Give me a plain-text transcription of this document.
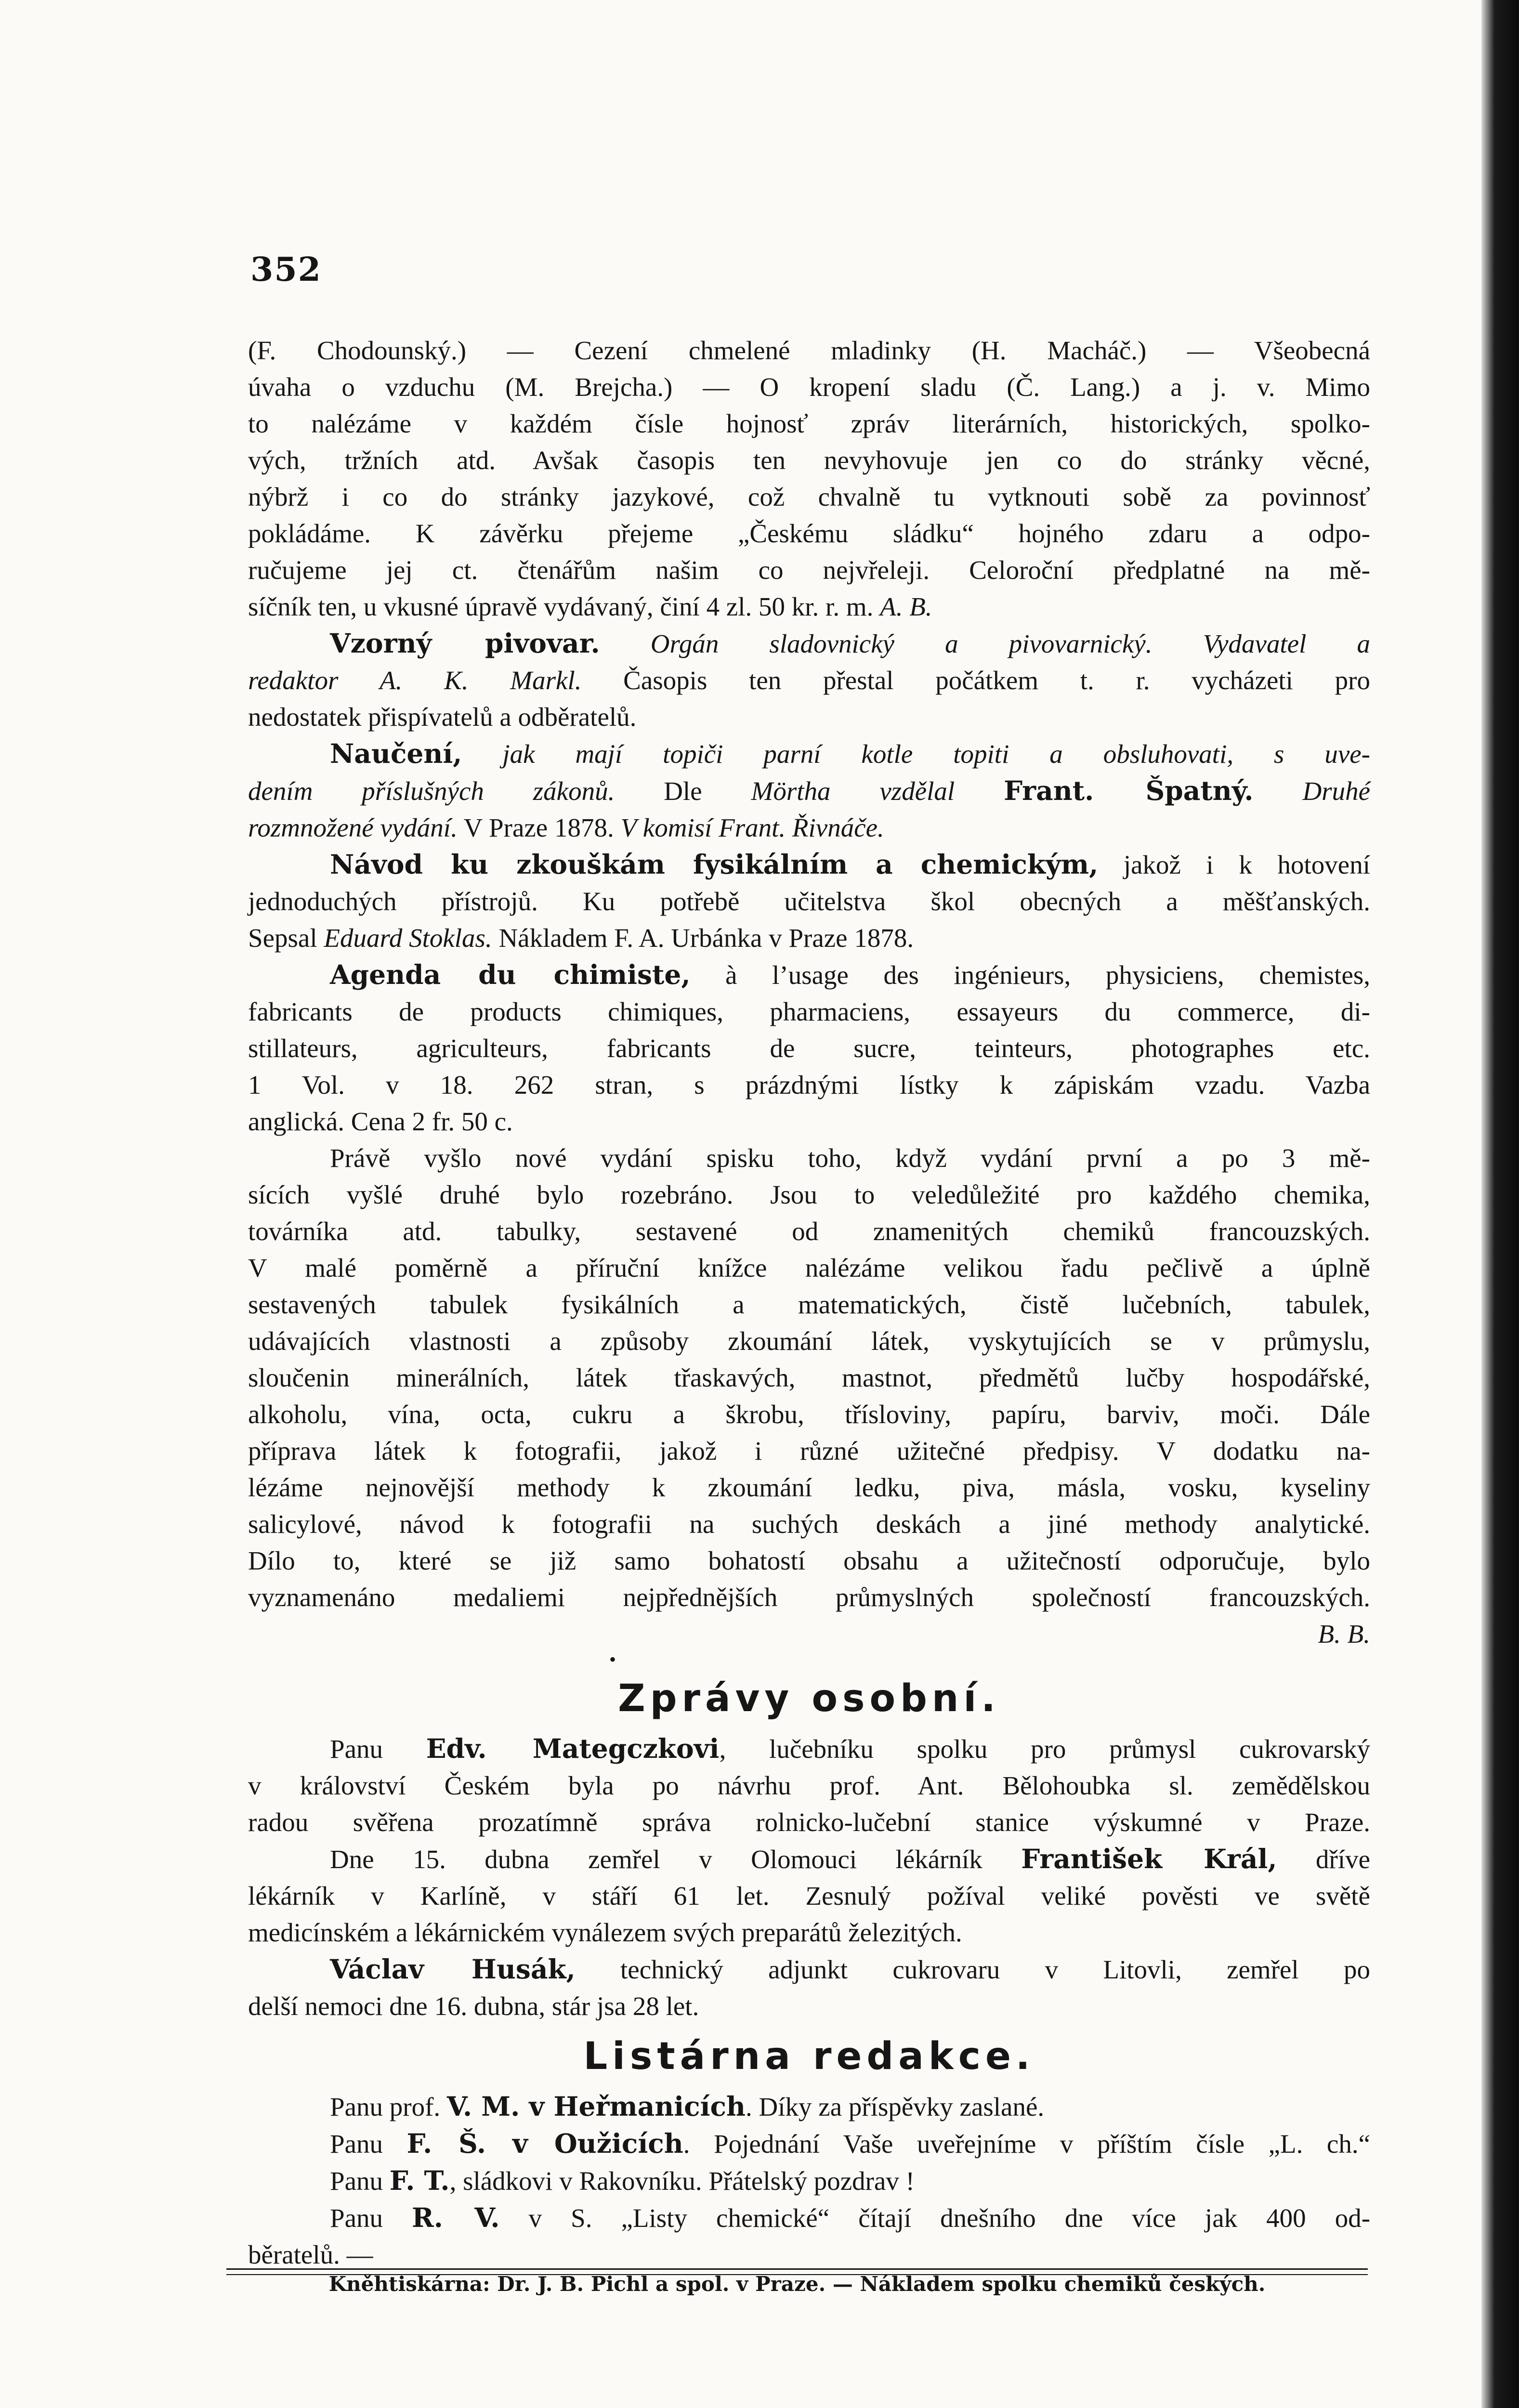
352
(F. Chodounský.) — Cezení chmelené mladinky (H. Macháč.) — Všeobecná
úvaha o vzduchu (M. Brejcha.) — O kropení sladu (Č. Lang.) a j. v. Mimo
to nalézáme v každém čísle hojnosť zpráv literárních, historických, spolko-
vých, tržních atd. Avšak časopis ten nevyhovuje jen co do stránky věcné,
nýbrž i co do stránky jazykové, což chvalně tu vytknouti sobě za povinnosť
pokládáme. K závěrku přejeme „Českému sládku“ hojného zdaru a odpo-
ručujeme jej ct. čtenářům našim co nejvřeleji. Celoroční předplatné na mě-
síčník ten, u vkusné úpravě vydávaný, činí 4 zl. 50 kr. r. m. A. B.
Vzorný pivovar. Orgán sladovnický a pivovarnický. Vydavatel a
redaktor A. K. Markl. Časopis ten přestal počátkem t. r. vycházeti pro
nedostatek přispívatelů a odběratelů.
Naučení, jak mají topiči parní kotle topiti a obsluhovati, s uve-
dením příslušných zákonů. Dle Mörtha vzdělal Frant. Špatný. Druhé
rozmnožené vydání. V Praze 1878. V komisí Frant. Řivnáče.
Návod ku zkouškám fysikálním a chemickým, jakož i k hotovení
jednoduchých přístrojů. Ku potřebě učitelstva škol obecných a měšťanských.
Sepsal Eduard Stoklas. Nákladem F. A. Urbánka v Praze 1878.
Agenda du chimiste, à l’usage des ingénieurs, physiciens, chemistes,
fabricants de products chimiques, pharmaciens, essayeurs du commerce, di-
stillateurs, agriculteurs, fabricants de sucre, teinteurs, photographes etc.
1 Vol. v 18. 262 stran, s prázdnými lístky k zápiskám vzadu. Vazba
anglická. Cena 2 fr. 50 c.
Právě vyšlo nové vydání spisku toho, když vydání první a po 3 mě-
sících vyšlé druhé bylo rozebráno. Jsou to veledůležité pro každého chemika,
továrníka atd. tabulky, sestavené od znamenitých chemiků francouzských.
V malé poměrně a příruční knížce nalézáme velikou řadu pečlivě a úplně
sestavených tabulek fysikálních a matematických, čistě lučebních, tabulek,
udávajících vlastnosti a způsoby zkoumání látek, vyskytujících se v průmyslu,
sloučenin minerálních, látek třaskavých, mastnot, předmětů lučby hospodářské,
alkoholu, vína, octa, cukru a škrobu, třísloviny, papíru, barviv, moči. Dále
příprava látek k fotografii, jakož i různé užitečné předpisy. V dodatku na-
lézáme nejnovější methody k zkoumání ledku, piva, másla, vosku, kyseliny
salicylové, návod k fotografii na suchých deskách a jiné methody analytické.
Dílo to, které se již samo bohatostí obsahu a užitečností odporučuje, bylo
vyznamenáno medaliemi nejpřednějších průmyslných společností francouzských.
B. B.
•
Zprávy osobní.
Panu Edv. Mategczkovi, lučebníku spolku pro průmysl cukrovarský
v království Českém byla po návrhu prof. Ant. Bělohoubka sl. zemědělskou
radou svěřena prozatímně správa rolnicko-lučební stanice výskumné v Praze.
Dne 15. dubna zemřel v Olomouci lékárník František Král, dříve
lékárník v Karlíně, v stáří 61 let. Zesnulý požíval veliké pověsti ve světě
medicínském a lékárnickém vynálezem svých preparátů železitých.
Václav Husák, technický adjunkt cukrovaru v Litovli, zemřel po
delší nemoci dne 16. dubna, stár jsa 28 let.
Listárna redakce.
Panu prof. V. M. v Heřmanicích. Díky za příspěvky zaslané.
Panu F. Š. v Oužicích. Pojednání Vaše uveřejníme v příštím čísle „L. ch.“
Panu F. T., sládkovi v Rakovníku. Přátelský pozdrav !
Panu R. V. v S. „Listy chemické“ čítají dnešního dne více jak 400 od-
běratelů. —
Kněhtiskárna: Dr. J. B. Pichl a spol. v Praze. — Nákladem spolku chemiků českých.
